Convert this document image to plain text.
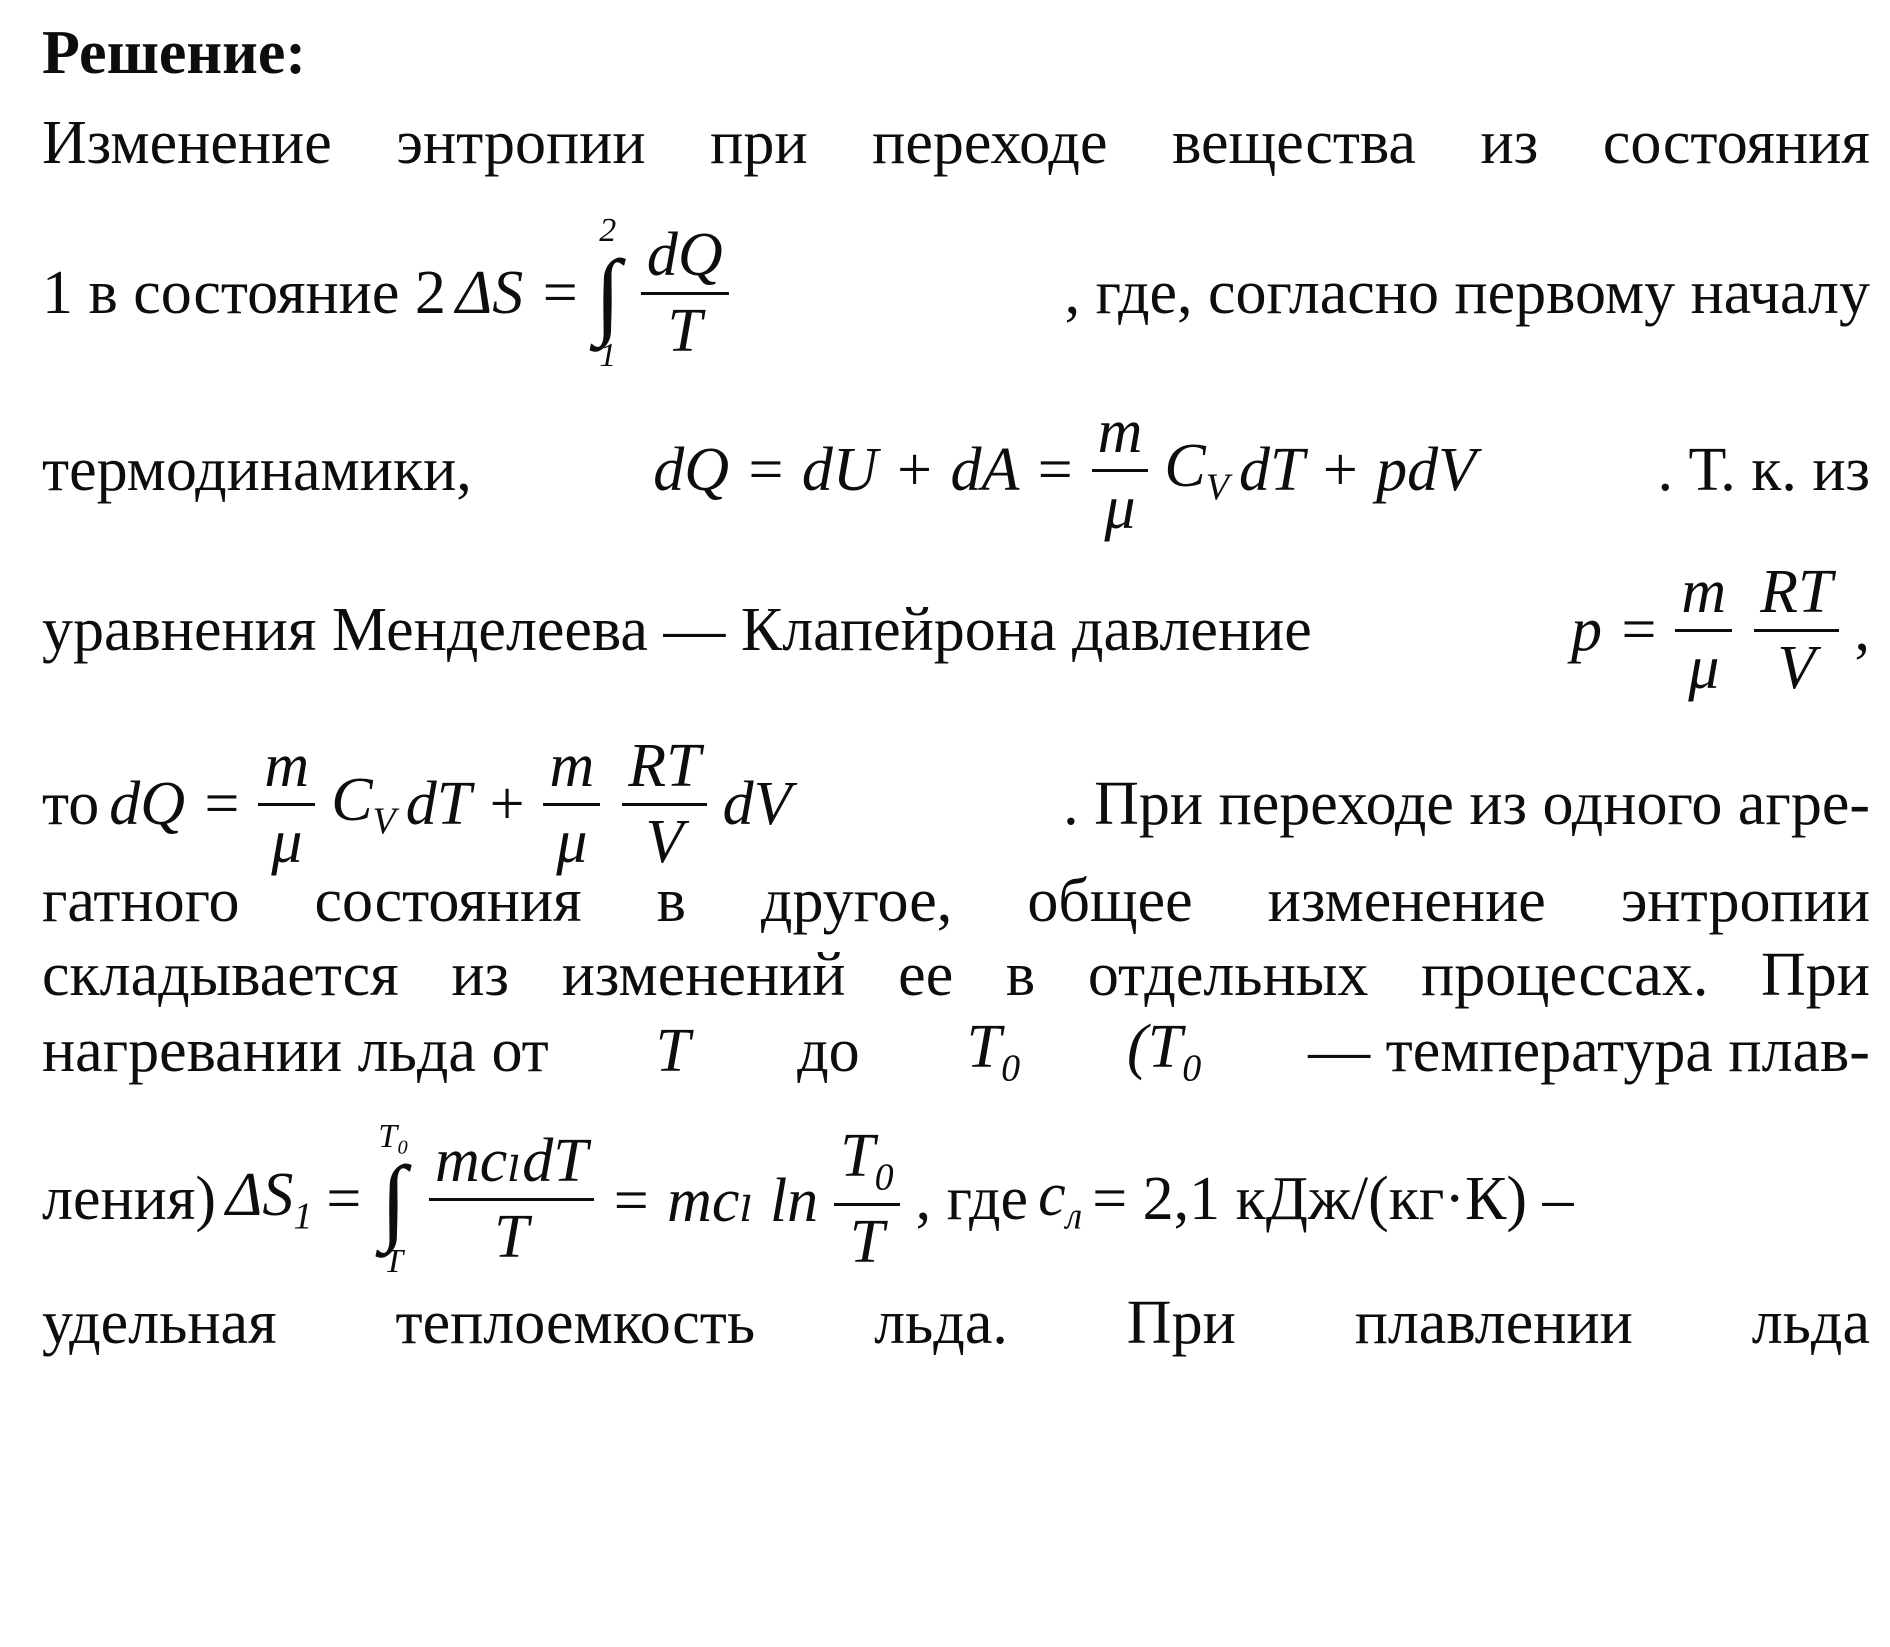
Решение:
Изменение энтропии при переходе вещества из состояния
1 в состояние 2 ΔS =
2
∫
$1 \frac{dQ}{T}$	, где, согласно первому началу
термодинамики,	dQ = dU + dA = $\frac{m}{\mu} C_V$ dT + pdV	. Т. к. из
уравнения Менделеева — Клапейрона давление	$p = \frac{m}{\mu} \frac{RT}{V}$ ,
то dQ = $\frac{m}{\mu} C_V$ dT + $\frac{m}{\mu} \frac{RT}{V}$ dV	. При переходе из одного агре-
гатного состояния в другое, общее изменение энтропии
складывается из изменений ее в отдельных процессах. При
нагревании льда от T до $T_0$ ($T_0$ — температура плав-
ления) $\Delta S_1$ =
T₀
∫
T $\frac{\text{mcₗdT}}{T} = mc_l$ $\ln \frac{T_0}{T}$ , где $c_л = 2,1$ кДж/(кг·К) –
удельная теплоемкость льда. При плавлении льда
